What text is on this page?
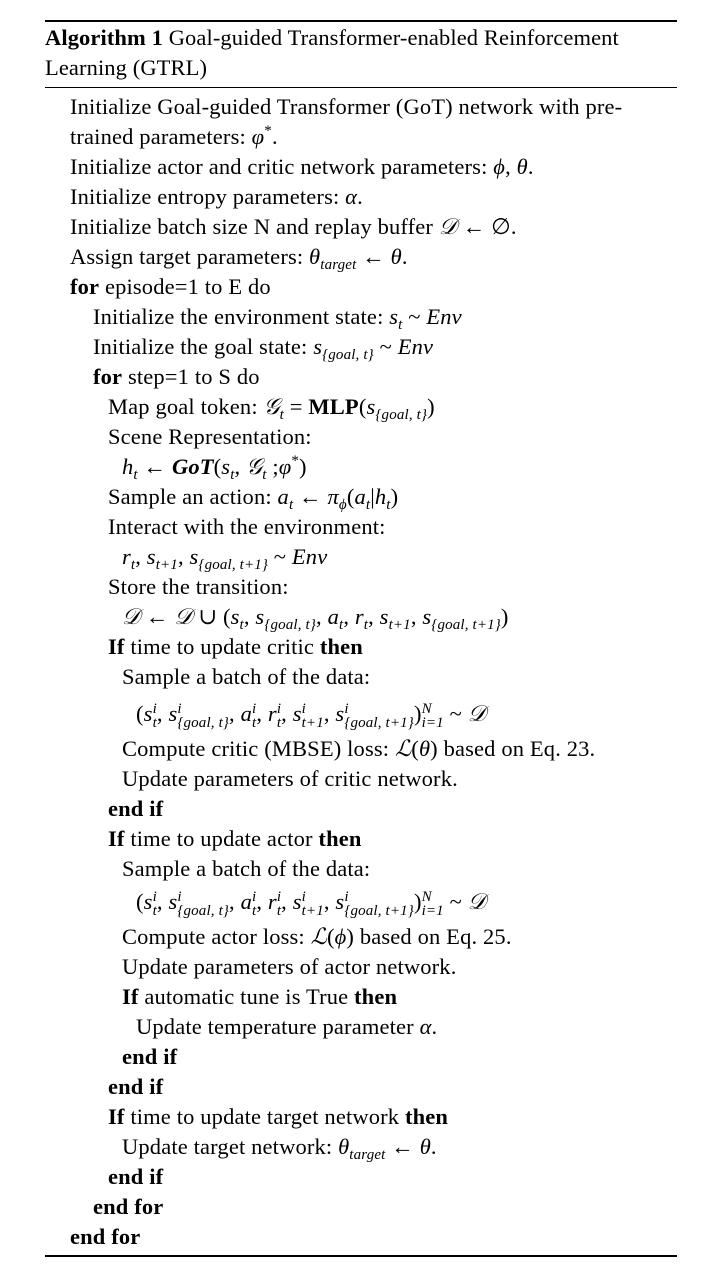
Algorithm 1 Goal-guided Transformer-enabled Reinforcement
Learning (GTRL)
Initialize Goal-guided Transformer (GoT) network with pre-
trained parameters: φ*.
Initialize actor and critic network parameters: ϕ, θ.
Initialize entropy parameters: α.
Initialize batch size N and replay buffer 𝒟 ← ∅.
Assign target parameters: $\theta_{target}$ ← θ.
for episode=1 to E do
Initialize the environment state: $s_t$ ~ Env
Initialize the goal state: $s_{\{goal, t\}}$ ~ Env
for step=1 to S do
Map goal token: 𝒢$_t$ = $MLP(s_{\{goal, t\}})$
Scene Representation:
$h_t$ ← $GoT(s_t$, 𝒢$_t$ ;φ*)
Sample an action: $a_t$ ← $\pi_\phi(a_t|h_t)$
Interact with the environment:
$r_t$, $s_{t+1}$, $s_{\{goal, t+1\}}$ ~ Env
Store the transition:
𝒟 ← 𝒟 ∪ ($s_t$, $s_{\{goal, t\}}$, $a_t$, $r_t$, $s_{t+1}$, $s_{\{goal, t+1\}}$)
If time to update critic then
Sample a batch of the data:
(s i
t , s i
{goal, t} , a i
t , r i
t , s i
t+1 , s i
{goal, t+1} ) N
i=1 ~ 𝒟
Compute critic (MBSE) loss: ℒ(θ) based on Eq. 23.
Update parameters of critic network.
end if
If time to update actor then
Sample a batch of the data:
(s i
t , s i
{goal, t} , a i
t , r i
t , s i
t+1 , s i
{goal, t+1} ) N
i=1 ~ 𝒟
Compute actor loss: ℒ(ϕ) based on Eq. 25.
Update parameters of actor network.
If automatic tune is True then
Update temperature parameter α.
end if
end if
If time to update target network then
Update target network: $\theta_{target}$ ← θ.
end if
end for
end for
